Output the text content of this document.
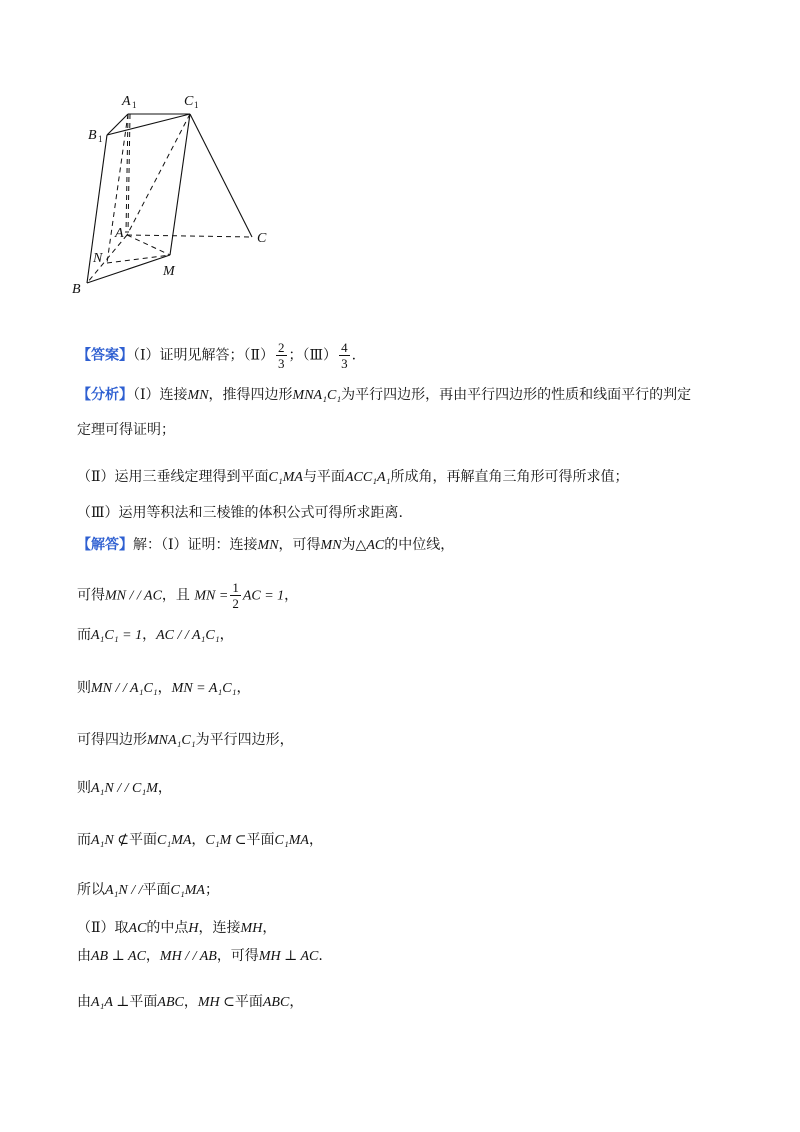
A 1	C 1
B 1
A	C
N
M
B
【答案】（Ⅰ）证明见解答；（Ⅱ） $\frac{2}{3}$ ；（Ⅲ） $\frac{4}{3}$ .
【分析】（Ⅰ）连接MN，推得四边形MNA₁C₁为平行四边形，再由平行四边形的性质和线面平行的判定
定理可得证明；
（Ⅱ）运用三垂线定理得到平面C₁MA与平面ACC₁A₁所成角，再解直角三角形可得所求值；
（Ⅲ）运用等积法和三棱锥的体积公式可得所求距离.
【解答】解：（Ⅰ）证明：连接MN，可得MN为△AC的中位线，
可得MN / / AC，且 MN = $\frac{1}{2}$ AC = 1，
而A₁C₁ = 1，AC / / A₁C₁，
则MN / / A₁C₁，MN = A₁C₁，
可得四边形MNA₁C₁为平行四边形，
则A₁N / / C₁M，
而A₁N ⊄平面C₁MA，C₁M ⊂平面C₁MA，
所以A₁N / /平面C₁MA；
（Ⅱ）取AC的中点H，连接MH，
由AB ⊥ AC，MH / / AB，可得MH ⊥ AC.
由A₁A ⊥平面ABC，MH ⊂平面ABC，
